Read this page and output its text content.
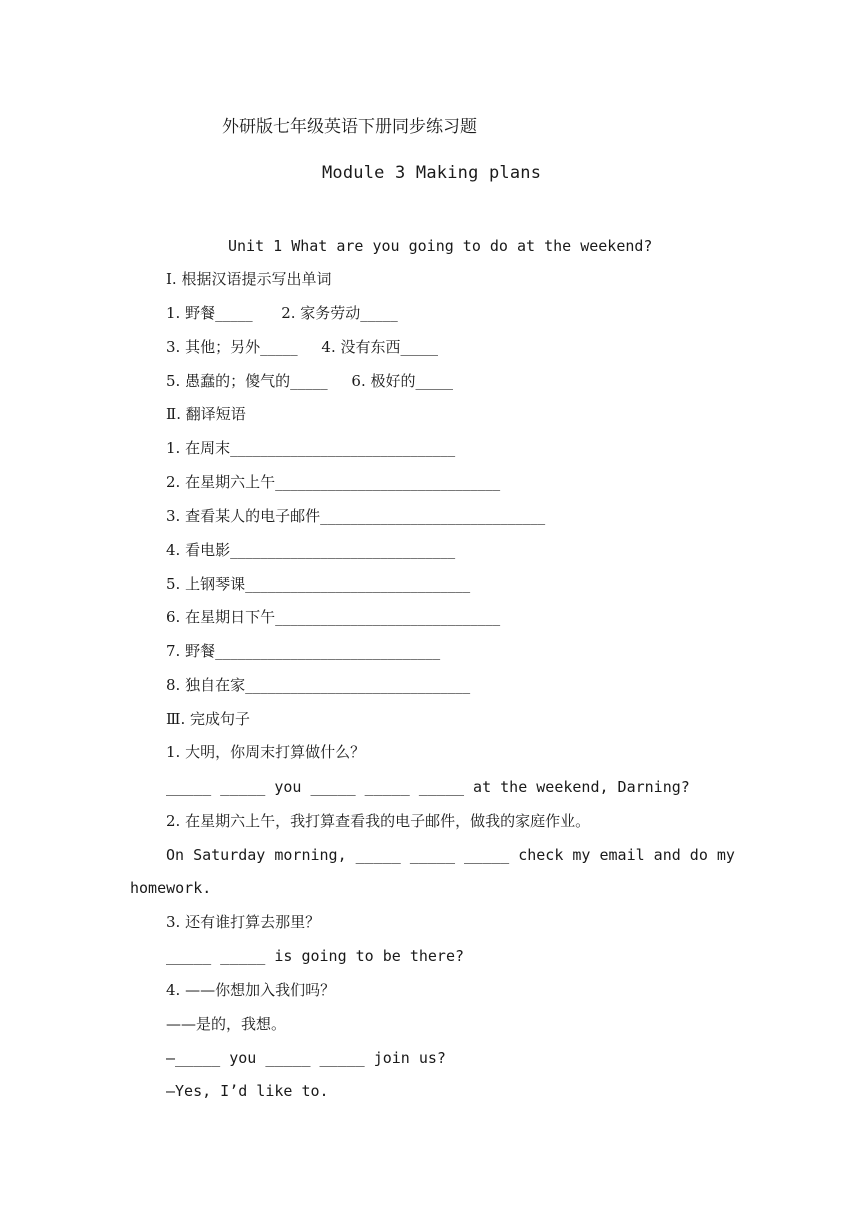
外研版七年级英语下册同步练习题
Module 3 Making plans
Unit 1 What are you going to do at the weekend?
Ⅰ. 根据汉语提示写出单词
1. 野餐_____      2. 家务劳动_____
3. 其他；另外_____     4. 没有东西_____
5. 愚蠢的；傻气的_____     6. 极好的_____
Ⅱ. 翻译短语
1. 在周末______________________________
2. 在星期六上午______________________________
3. 查看某人的电子邮件______________________________
4. 看电影______________________________
5. 上钢琴课______________________________
6. 在星期日下午______________________________
7. 野餐______________________________
8. 独自在家______________________________
Ⅲ. 完成句子
1. 大明，你周末打算做什么？
_____ _____ you _____ _____ _____ at the weekend, Darning?
2. 在星期六上午，我打算查看我的电子邮件，做我的家庭作业。
On Saturday morning, _____ _____ _____ check my email and do my
homework.
3. 还有谁打算去那里？
_____ _____ is going to be there?
4. ——你想加入我们吗？
——是的，我想。
—_____ you _____ _____ join us?
—Yes, I’d like to.
